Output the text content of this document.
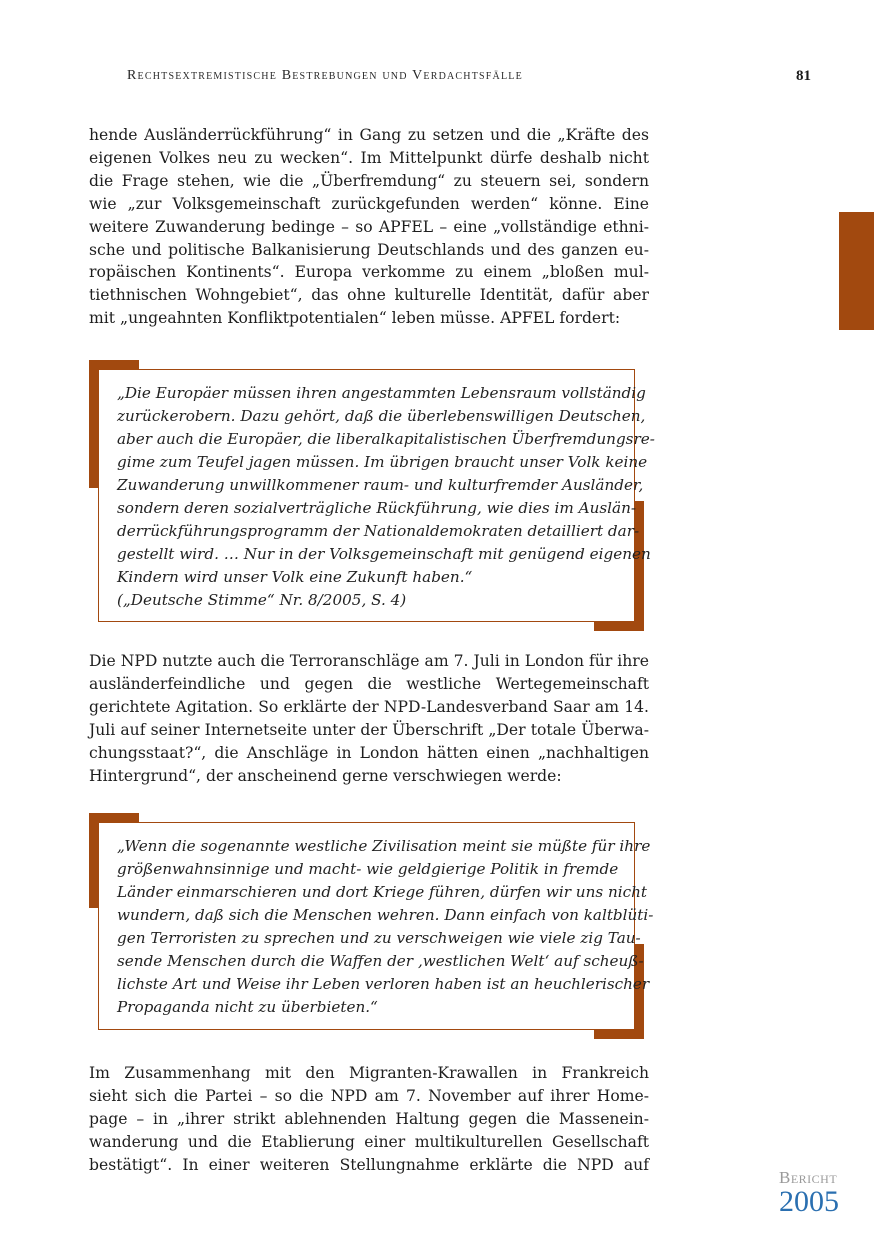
Rechtsextremistische Bestrebungen und Verdachtsfälle	81
hende Ausländerrückführung“ in Gang zu setzen und die „Kräfte des
eigenen Volkes neu zu wecken“. Im Mittelpunkt dürfe deshalb nicht
die Frage stehen, wie die „Überfremdung“ zu steuern sei, sondern
wie „zur Volksgemeinschaft zurückgefunden werden“ könne. Eine
weitere Zuwanderung bedinge – so APFEL – eine „vollständige ethni-
sche und politische Balkanisierung Deutschlands und des ganzen eu-
ropäischen Kontinents“. Europa verkomme zu einem „bloßen mul-
tiethnischen Wohngebiet“, das ohne kulturelle Identität, dafür aber
mit „ungeahnten Konfliktpotentialen“ leben müsse. APFEL fordert:
„Die Europäer müssen ihren angestammten Lebensraum vollständig
zurückerobern. Dazu gehört, daß die überlebenswilligen Deutschen,
aber auch die Europäer, die liberalkapitalistischen Überfremdungsre-
gime zum Teufel jagen müssen. Im übrigen braucht unser Volk keine
Zuwanderung unwillkommener raum- und kulturfremder Ausländer,
sondern deren sozialverträgliche Rückführung, wie dies im Auslän-
derrückführungsprogramm der Nationaldemokraten detailliert dar-
gestellt wird. … Nur in der Volksgemeinschaft mit genügend eigenen
Kindern wird unser Volk eine Zukunft haben.“
(„Deutsche Stimme“ Nr. 8/2005, S. 4)
Die NPD nutzte auch die Terroranschläge am 7. Juli in London für ihre
ausländerfeindliche und gegen die westliche Wertegemeinschaft
gerichtete Agitation. So erklärte der NPD-Landesverband Saar am 14.
Juli auf seiner Internetseite unter der Überschrift „Der totale Überwa-
chungsstaat?“, die Anschläge in London hätten einen „nachhaltigen
Hintergrund“, der anscheinend gerne verschwiegen werde:
„Wenn die sogenannte westliche Zivilisation meint sie müßte für ihre
größenwahnsinnige und macht- wie geldgierige Politik in fremde
Länder einmarschieren und dort Kriege führen, dürfen wir uns nicht
wundern, daß sich die Menschen wehren. Dann einfach von kaltblüti-
gen Terroristen zu sprechen und zu verschweigen wie viele zig Tau-
sende Menschen durch die Waffen der ‚westlichen Welt‘ auf scheuß-
lichste Art und Weise ihr Leben verloren haben ist an heuchlerischer
Propaganda nicht zu überbieten.“
Im Zusammenhang mit den Migranten-Krawallen in Frankreich
sieht sich die Partei – so die NPD am 7. November auf ihrer Home-
page – in „ihrer strikt ablehnenden Haltung gegen die Massenein-
wanderung und die Etablierung einer multikulturellen Gesellschaft
bestätigt“. In einer weiteren Stellungnahme erklärte die NPD auf
Bericht
2005
